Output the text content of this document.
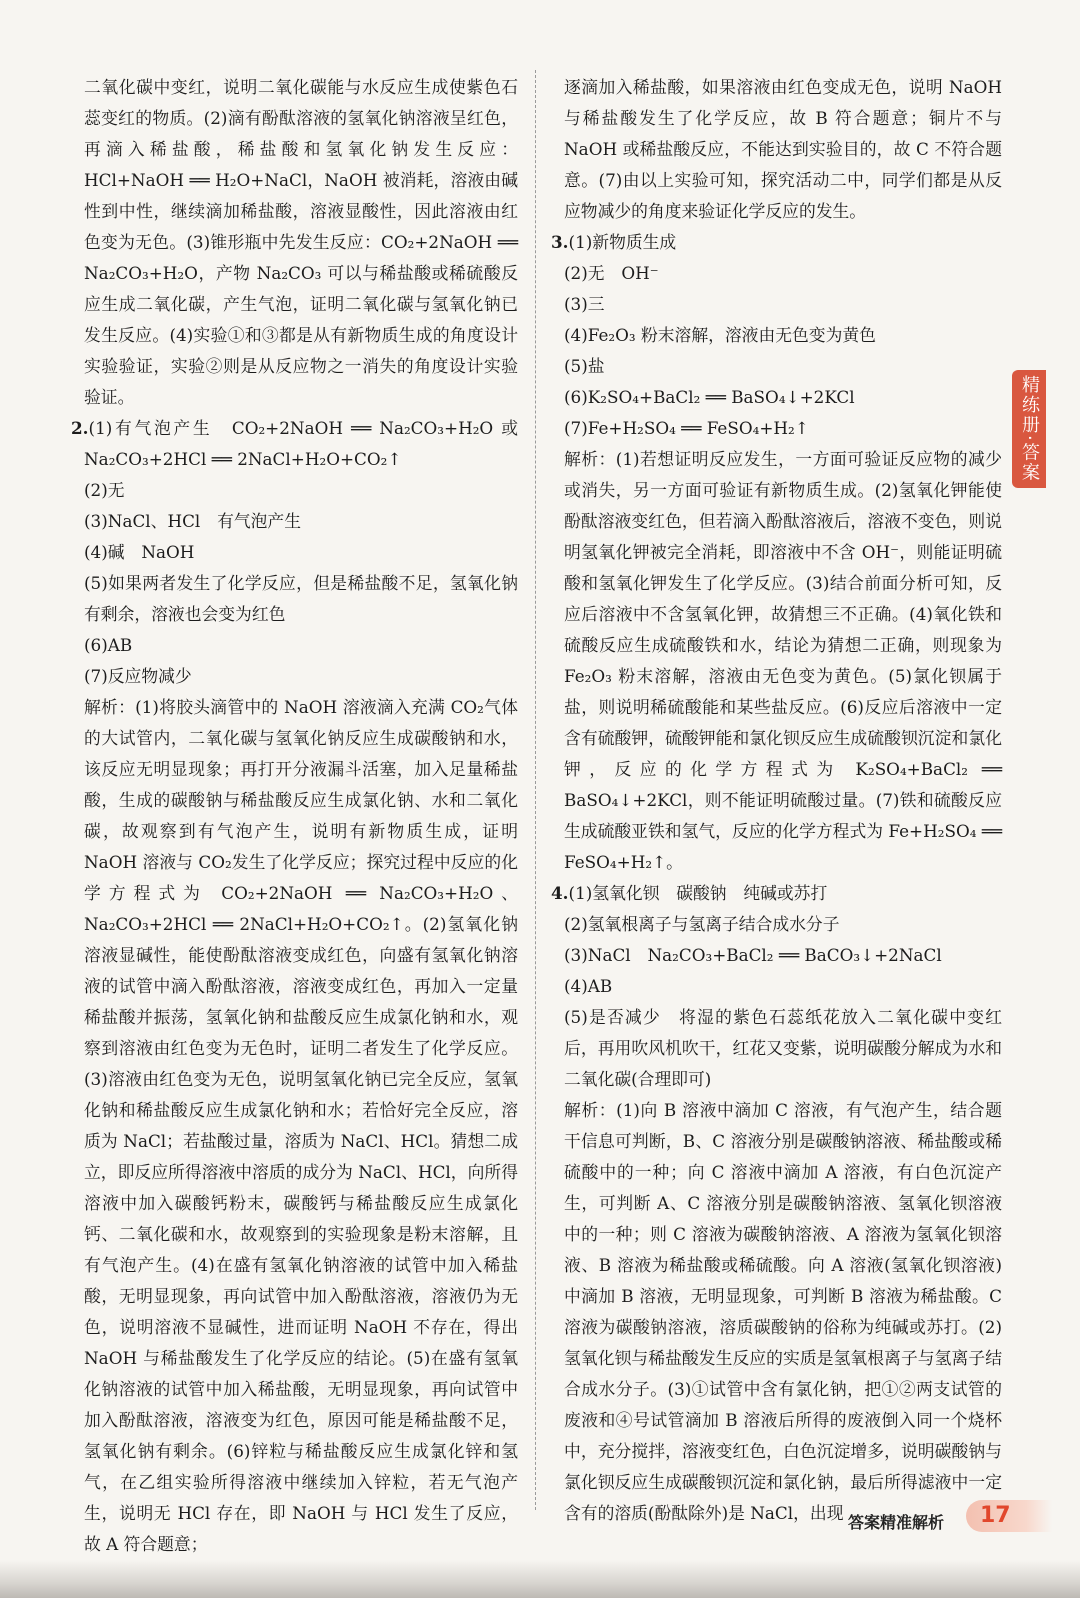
二氧化碳中变红，说明二氧化碳能与水反应生成使紫色石蕊变红的物质。(2)滴有酚酞溶液的氢氧化钠溶液呈红色，再滴入稀盐酸，稀盐酸和氢氧化钠发生反应：HCl+NaOH ══ H₂O+NaCl，NaOH 被消耗，溶液由碱性到中性，继续滴加稀盐酸，溶液显酸性，因此溶液由红色变为无色。(3)锥形瓶中先发生反应：CO₂+2NaOH ══ Na₂CO₃+H₂O，产物 Na₂CO₃ 可以与稀盐酸或稀硫酸反应生成二氧化碳，产生气泡，证明二氧化碳与氢氧化钠已发生反应。(4)实验①和③都是从有新物质生成的角度设计实验验证，实验②则是从反应物之一消失的角度设计实验验证。

2.(1)有气泡产生　CO₂+2NaOH ══ Na₂CO₃+H₂O 或 Na₂CO₃+2HCl ══ 2NaCl+H₂O+CO₂↑

(2)无

(3)NaCl、HCl　有气泡产生

(4)碱　NaOH

(5)如果两者发生了化学反应，但是稀盐酸不足，氢氧化钠有剩余，溶液也会变为红色

(6)AB

(7)反应物减少

解析：(1)将胶头滴管中的 NaOH 溶液滴入充满 CO₂气体的大试管内，二氧化碳与氢氧化钠反应生成碳酸钠和水，该反应无明显现象；再打开分液漏斗活塞，加入足量稀盐酸，生成的碳酸钠与稀盐酸反应生成氯化钠、水和二氧化碳，故观察到有气泡产生，说明有新物质生成，证明 NaOH 溶液与 CO₂发生了化学反应；探究过程中反应的化学方程式为 CO₂+2NaOH ══ Na₂CO₃+H₂O、Na₂CO₃+2HCl ══ 2NaCl+H₂O+CO₂↑。(2)氢氧化钠溶液显碱性，能使酚酞溶液变成红色，向盛有氢氧化钠溶液的试管中滴入酚酞溶液，溶液变成红色，再加入一定量稀盐酸并振荡，氢氧化钠和盐酸反应生成氯化钠和水，观察到溶液由红色变为无色时，证明二者发生了化学反应。(3)溶液由红色变为无色，说明氢氧化钠已完全反应，氢氧化钠和稀盐酸反应生成氯化钠和水；若恰好完全反应，溶质为 NaCl；若盐酸过量，溶质为 NaCl、HCl。猜想二成立，即反应所得溶液中溶质的成分为 NaCl、HCl，向所得溶液中加入碳酸钙粉末，碳酸钙与稀盐酸反应生成氯化钙、二氧化碳和水，故观察到的实验现象是粉末溶解，且有气泡产生。(4)在盛有氢氧化钠溶液的试管中加入稀盐酸，无明显现象，再向试管中加入酚酞溶液，溶液仍为无色，说明溶液不显碱性，进而证明 NaOH 不存在，得出 NaOH 与稀盐酸发生了化学反应的结论。(5)在盛有氢氧化钠溶液的试管中加入稀盐酸，无明显现象，再向试管中加入酚酞溶液，溶液变为红色，原因可能是稀盐酸不足，氢氧化钠有剩余。(6)锌粒与稀盐酸反应生成氯化锌和氢气，在乙组实验所得溶液中继续加入锌粒，若无气泡产生，说明无 HCl 存在，即 NaOH 与 HCl 发生了反应，故 A 符合题意；

逐滴加入稀盐酸，如果溶液由红色变成无色，说明 NaOH 与稀盐酸发生了化学反应，故 B 符合题意；铜片不与 NaOH 或稀盐酸反应，不能达到实验目的，故 C 不符合题意。(7)由以上实验可知，探究活动二中，同学们都是从反应物减少的角度来验证化学反应的发生。

3.(1)新物质生成

(2)无　OH⁻

(3)三

(4)Fe₂O₃ 粉末溶解，溶液由无色变为黄色

(5)盐

(6)K₂SO₄+BaCl₂ ══ BaSO₄↓+2KCl

(7)Fe+H₂SO₄ ══ FeSO₄+H₂↑

解析：(1)若想证明反应发生，一方面可验证反应物的减少或消失，另一方面可验证有新物质生成。(2)氢氧化钾能使酚酞溶液变红色，但若滴入酚酞溶液后，溶液不变色，则说明氢氧化钾被完全消耗，即溶液中不含 OH⁻，则能证明硫酸和氢氧化钾发生了化学反应。(3)结合前面分析可知，反应后溶液中不含氢氧化钾，故猜想三不正确。(4)氧化铁和硫酸反应生成硫酸铁和水，结论为猜想二正确，则现象为 Fe₂O₃ 粉末溶解，溶液由无色变为黄色。(5)氯化钡属于盐，则说明稀硫酸能和某些盐反应。(6)反应后溶液中一定含有硫酸钾，硫酸钾能和氯化钡反应生成硫酸钡沉淀和氯化钾，反应的化学方程式为 K₂SO₄+BaCl₂ ══ BaSO₄↓+2KCl，则不能证明硫酸过量。(7)铁和硫酸反应生成硫酸亚铁和氢气，反应的化学方程式为 Fe+H₂SO₄ ══ FeSO₄+H₂↑。

4.(1)氢氧化钡　碳酸钠　纯碱或苏打

(2)氢氧根离子与氢离子结合成水分子

(3)NaCl　Na₂CO₃+BaCl₂ ══ BaCO₃↓+2NaCl

(4)AB

(5)是否减少　将湿的紫色石蕊纸花放入二氧化碳中变红后，再用吹风机吹干，红花又变紫，说明碳酸分解成为水和二氧化碳(合理即可)

解析：(1)向 B 溶液中滴加 C 溶液，有气泡产生，结合题干信息可判断，B、C 溶液分别是碳酸钠溶液、稀盐酸或稀硫酸中的一种；向 C 溶液中滴加 A 溶液，有白色沉淀产生，可判断 A、C 溶液分别是碳酸钠溶液、氢氧化钡溶液中的一种；则 C 溶液为碳酸钠溶液、A 溶液为氢氧化钡溶液、B 溶液为稀盐酸或稀硫酸。向 A 溶液(氢氧化钡溶液)中滴加 B 溶液，无明显现象，可判断 B 溶液为稀盐酸。C 溶液为碳酸钠溶液，溶质碳酸钠的俗称为纯碱或苏打。(2)氢氧化钡与稀盐酸发生反应的实质是氢氧根离子与氢离子结合成水分子。(3)①试管中含有氯化钠，把①②两支试管的废液和④号试管滴加 B 溶液后所得的废液倒入同一个烧杯中，充分搅拌，溶液变红色，白色沉淀增多，说明碳酸钠与氯化钡反应生成碳酸钡沉淀和氯化钠，最后所得滤液中一定含有的溶质(酚酞除外)是 NaCl，出现

精练册·答案
答案精准解析	17
